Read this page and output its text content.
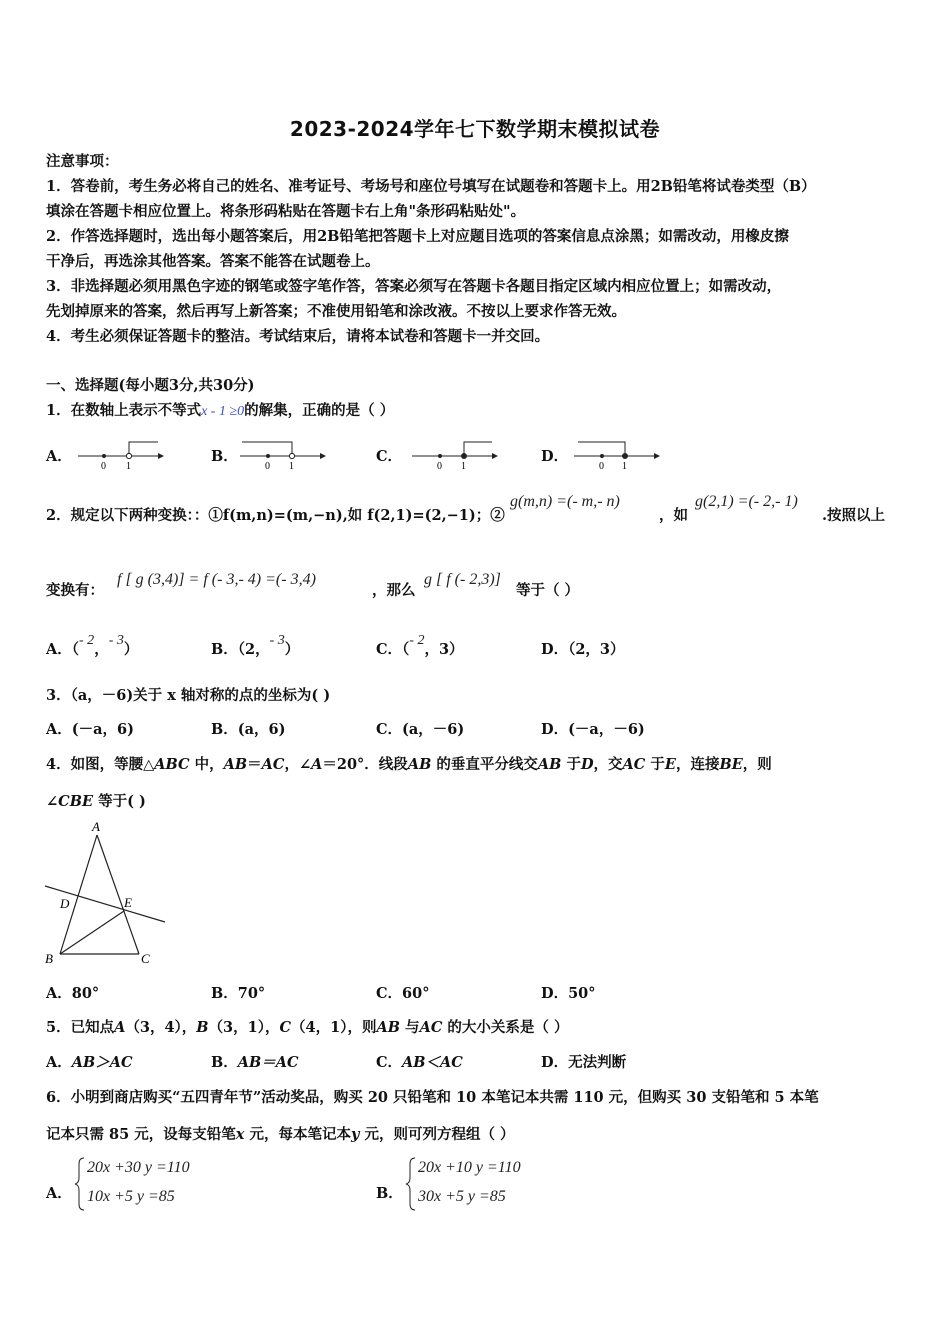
2023-2024学年七下数学期末模拟试卷
注意事项：
1．答卷前，考生务必将自己的姓名、准考证号、考场号和座位号填写在试题卷和答题卡上。用2B铅笔将试卷类型（B）
填涂在答题卡相应位置上。将条形码粘贴在答题卡右上角"条形码粘贴处"。
2．作答选择题时，选出每小题答案后，用2B铅笔把答题卡上对应题目选项的答案信息点涂黑；如需改动，用橡皮擦
干净后，再选涂其他答案。答案不能答在试题卷上。
3．非选择题必须用黑色字迹的钢笔或签字笔作答，答案必须写在答题卡各题目指定区域内相应位置上；如需改动，
先划掉原来的答案，然后再写上新答案；不准使用铅笔和涂改液。不按以上要求作答无效。
4．考生必须保证答题卡的整洁。考试结束后，请将本试卷和答题卡一并交回。
一、选择题(每小题3分,共30分)
1．在数轴上表示不等式x - 1 ≥0的解集，正确的是（ ）
A．
0 1
B．
0 1
C．
0 1
D．
0 1
2．规定以下两种变换：：①f(m,n)=(m,−n),如 f(2,1)=(2,−1)；②
g(m,n) =(- m,- n)
，如
g(2,1) =(- 2,- 1)
.按照以上
变换有：
f [ g (3,4)] = f (- 3,- 4) =(- 3,4)
，那么
g [ f (- 2,3)]
等于（ ）
A．（- 2，- 3）	B．（2，- 3）	C．（- 2，3）	D．（2，3）
3．（a，－6)关于 x 轴对称的点的坐标为( )
A．(－a，6)	B．(a，6)	C．(a，－6)	D．(－a，－6)
4．如图，等腰△ABC 中，AB＝AC，∠A＝20°．线段AB 的垂直平分线交AB 于D，交AC 于E，连接BE，则
∠CBE 等于( )
A
D	E
B	C
A．80°	B．70°	C．60°	D．50°
5．已知点A（3，4），B（3，1），C（4，1），则AB 与AC 的大小关系是（ ）
A．AB＞AC	B．AB＝AC	C．AB＜AC	D．无法判断
6．小明到商店购买“五四青年节”活动奖品，购买 20 只铅笔和 10 本笔记本共需 110 元，但购买 30 支铅笔和 5 本笔
记本只需 85 元，设每支铅笔x 元，每本笔记本y 元，则可列方程组（ ）
A．
20x +30 y =110
10x +5 y =85	B．
20x +10 y =110
30x +5 y =85
